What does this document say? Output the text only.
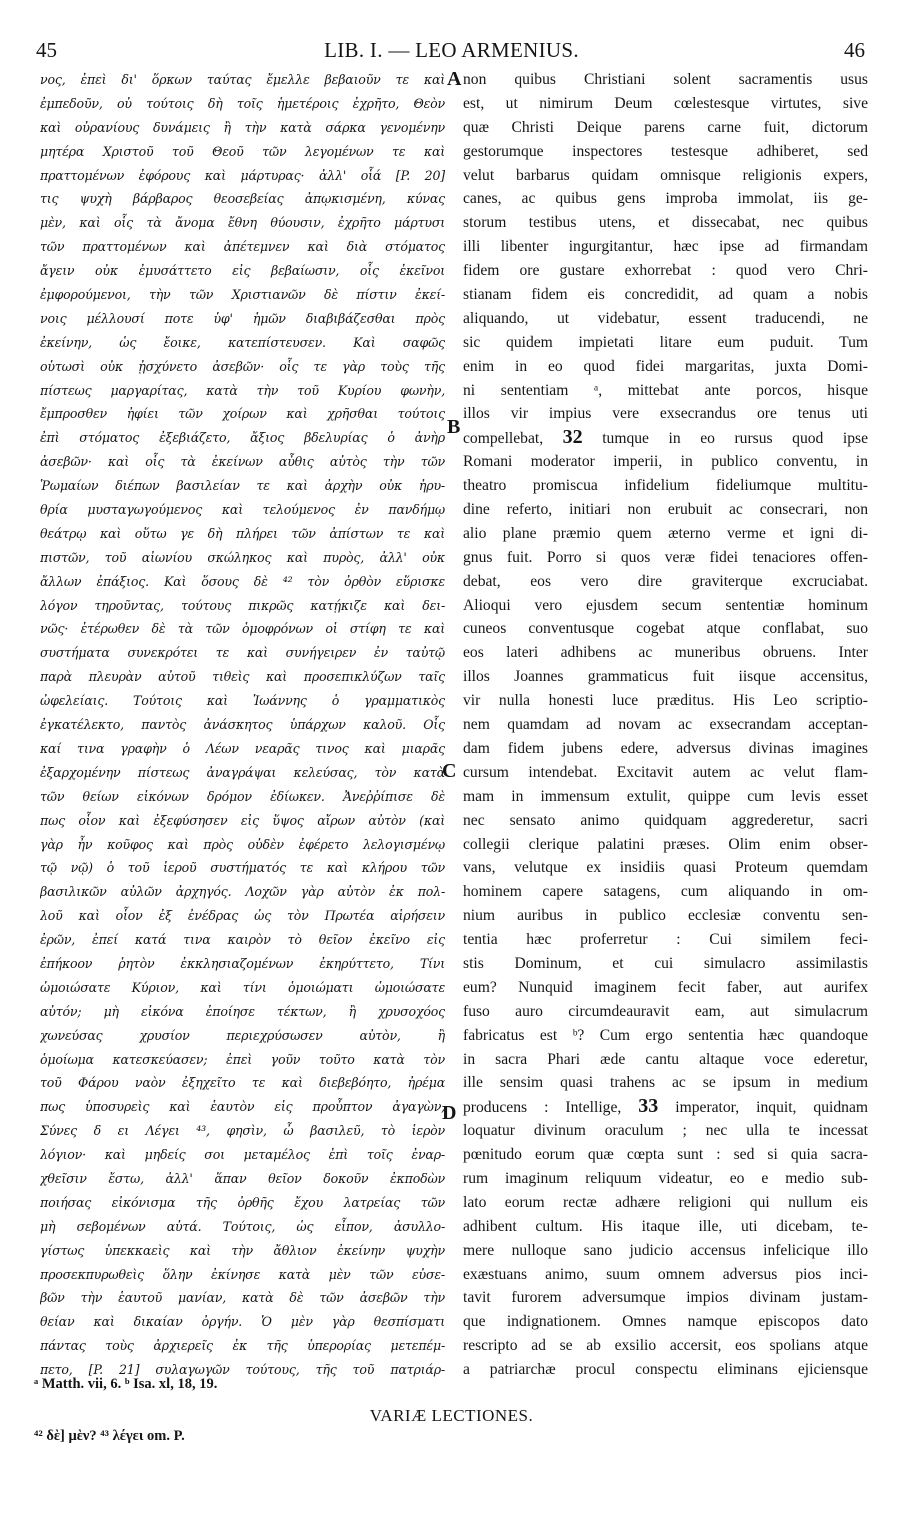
45	LIB. I. — LEO ARMENIUS.	46
νος, ἐπεὶ δι' ὅρκων ταύτας ἔμελλε βεβαιοῦν τε καὶ
ἐμπεδοῦν, οὐ τούτοις δὴ τοῖς ἡμετέροις ἐχρῆτο, Θεὸν
καὶ οὐρανίους δυνάμεις ἢ τὴν κατὰ σάρκα γενομένην
μητέρα Χριστοῦ τοῦ Θεοῦ τῶν λεγομένων τε καὶ
πραττομένων ἐφόρους καὶ μάρτυρας· ἀλλ' οἷά [P. 20]
τις ψυχὴ βάρβαρος θεοσεβείας ἀπῳκισμένη, κύνας
μὲν, καὶ οἷς τὰ ἄνομα ἔθνη θύουσιν, ἐχρῆτο μάρτυσι
τῶν πραττομένων καὶ ἀπέτεμνεν καὶ διὰ στόματος
ἄγειν οὐκ ἐμυσάττετο εἰς βεβαίωσιν, οἷς ἐκεῖνοι
ἐμφορούμενοι, τὴν τῶν Χριστιανῶν δὲ πίστιν ἐκεί-
νοις μέλλουσί ποτε ὑφ' ἡμῶν διαβιβάζεσθαι πρὸς
ἐκείνην, ὡς ἔοικε, κατεπίστευσεν. Καὶ σαφῶς
οὑτωσὶ οὐκ ᾐσχύνετο ἀσεβῶν· οἷς τε γὰρ τοὺς τῆς
πίστεως μαργαρίτας, κατὰ τὴν τοῦ Κυρίου φωνὴν,
ἔμπροσθεν ἠφίει τῶν χοίρων καὶ χρῆσθαι τούτοις
ἐπὶ στόματος ἐξεβιάζετο, ἄξιος βδελυρίας ὁ ἀνὴρ
ἀσεβῶν· καὶ οἷς τὰ ἐκείνων αὖθις αὐτὸς τὴν τῶν
Ῥωμαίων διέπων βασιλείαν τε καὶ ἀρχὴν οὐκ ἠρυ-
θρία μυσταγωγούμενος καὶ τελούμενος ἐν πανδήμῳ
θεάτρῳ καὶ οὕτω γε δὴ πλήρει τῶν ἀπίστων τε καὶ
πιστῶν, τοῦ αἰωνίου σκώληκος καὶ πυρὸς, ἀλλ' οὐκ
ἄλλων ἐπάξιος. Καὶ ὅσους δὲ ⁴² τὸν ὀρθὸν εὕρισκε
λόγον τηροῦντας, τούτους πικρῶς κατῄκιζε καὶ δει-
νῶς· ἑτέρωθεν δὲ τὰ τῶν ὁμοφρόνων οἱ στίφη τε καὶ
συστήματα συνεκρότει τε καὶ συνήγειρεν ἐν ταὐτῷ
παρὰ πλευρὰν αὐτοῦ τιθεὶς καὶ προσεπικλύζων ταῖς
ὠφελείαις. Τούτοις καὶ Ἰωάννης ὁ γραμματικὸς
ἐγκατέλεκτο, παντὸς ἀνάσκητος ὑπάρχων καλοῦ. Οἷς
καί τινα γραφὴν ὁ Λέων νεαρᾶς τινος καὶ μιαρᾶς
ἐξαρχομένην πίστεως ἀναγράψαι κελεύσας, τὸν κατὰ
τῶν θείων εἰκόνων δρόμον ἐδίωκεν. Ἀνεῤῥίπισε δὲ
πως οἷον καὶ ἐξεφύσησεν εἰς ὕψος αἴρων αὐτὸν (καὶ
γὰρ ἦν κοῦφος καὶ πρὸς οὐδὲν ἐφέρετο λελογισμένῳ
τῷ νῷ) ὁ τοῦ ἱεροῦ συστήματός τε καὶ κλήρου τῶν
βασιλικῶν αὐλῶν ἀρχηγός. Λοχῶν γὰρ αὐτὸν ἐκ πολ-
λοῦ καὶ οἷον ἐξ ἐνέδρας ὡς τὸν Πρωτέα αἱρήσειν
ἐρῶν, ἐπεί κατά τινα καιρὸν τὸ θεῖον ἐκεῖνο εἰς
ἐπήκοον ῥητὸν ἐκκλησιαζομένων ἐκηρύττετο, Τίνι
ὡμοιώσατε Κύριον, καὶ τίνι ὁμοιώματι ὡμοιώσατε
αὐτόν; μὴ εἰκόνα ἐποίησε τέκτων, ἢ χρυσοχόος
χωνεύσας χρυσίον περιεχρύσωσεν αὐτὸν, ἢ
ὁμοίωμα κατεσκεύασεν; ἐπεὶ γοῦν τοῦτο κατὰ τὸν
τοῦ Φάρου ναὸν ἐξηχεῖτο τε καὶ διεβεβόητο, ἠρέμα
πως ὑποσυρεὶς καὶ ἑαυτὸν εἰς προὖπτον ἀγαγὼν,
Σύνες δ ει Λέγει ⁴³, φησὶν, ὦ βασιλεῦ, τὸ ἱερὸν
λόγιον· καὶ μηδείς σοι μεταμέλος ἐπὶ τοῖς ἐναρ-
χθεῖσιν ἔστω, ἀλλ' ἅπαν θεῖον δοκοῦν ἐκποδὼν
ποιήσας εἰκόνισμα τῆς ὀρθῆς ἔχου λατρείας τῶν
μὴ σεβομένων αὐτά. Τούτοις, ὡς εἶπον, ἀσυλλο-
γίστως ὑπεκκαεὶς καὶ τὴν ἄθλιον ἐκείνην ψυχὴν
προσεκπυρωθεὶς ὅλην ἐκίνησε κατὰ μὲν τῶν εὐσε-
βῶν τὴν ἑαυτοῦ μανίαν, κατὰ δὲ τῶν ἀσεβῶν τὴν
θείαν καὶ δικαίαν ὀργήν. Ὁ μὲν γὰρ θεσπίσματι
πάντας τοὺς ἀρχιερεῖς ἐκ τῆς ὑπερορίας μετεπέμ-
πετο, [P. 21] συλαγωγῶν τούτους, τῆς τοῦ πατριάρ-
non quibus Christiani solent sacramentis usus
est, ut nimirum Deum cœlestesque virtutes, sive
quæ Christi Deique parens carne fuit, dictorum
gestorumque inspectores testesque adhiberet, sed
velut barbarus quidam omnisque religionis expers,
canes, ac quibus gens improba immolat, iis ge-
storum testibus utens, et dissecabat, nec quibus
illi libenter ingurgitantur, hæc ipse ad firmandam
fidem ore gustare exhorrebat : quod vero Chri-
stianam fidem eis concredidit, ad quam a nobis
aliquando, ut videbatur, essent traducendi, ne
sic quidem impietati litare eum puduit. Tum
enim in eo quod fidei margaritas, juxta Domi-
ni sententiam ᵃ, mittebat ante porcos, hisque
illos vir impius vere exsecrandus ore tenus uti
compellebat, 32 tumque in eo rursus quod ipse
Romani moderator imperii, in publico conventu, in
theatro promiscua infidelium fideliumque multitu-
dine referto, initiari non erubuit ac consecrari, non
alio plane præmio quem æterno verme et igni di-
gnus fuit. Porro si quos veræ fidei tenaciores offen-
debat, eos vero dire graviterque excruciabat.
Alioqui vero ejusdem secum sententiæ hominum
cuneos conventusque cogebat atque conflabat, suo
eos lateri adhibens ac muneribus obruens. Inter
illos Joannes grammaticus fuit iisque accensitus,
vir nulla honesti luce præditus. His Leo scriptio-
nem quamdam ad novam ac exsecrandam acceptan-
dam fidem jubens edere, adversus divinas imagines
cursum intendebat. Excitavit autem ac velut flam-
mam in immensum extulit, quippe cum levis esset
nec sensato animo quidquam aggrederetur, sacri
collegii clerique palatini præses. Olim enim obser-
vans, velutque ex insidiis quasi Proteum quemdam
hominem capere satagens, cum aliquando in om-
nium auribus in publico ecclesiæ conventu sen-
tentia hæc proferretur : Cui similem feci-
stis Dominum, et cui simulacro assimilastis
eum? Nunquid imaginem fecit faber, aut aurifex
fuso auro circumdeauravit eam, aut simulacrum
fabricatus est ᵇ? Cum ergo sententia hæc quandoque
in sacra Phari æde cantu altaque voce ederetur,
ille sensim quasi trahens ac se ipsum in medium
producens : Intellige, 33 imperator, inquit, quidnam
loquatur divinum oraculum ; nec ulla te incessat
pœnitudo eorum quæ cœpta sunt : sed si quia sacra-
rum imaginum reliquum videatur, eo e medio sub-
lato eorum rectæ adhære religioni qui nullum eis
adhibent cultum. His itaque ille, uti dicebam, te-
mere nulloque sano judicio accensus infelicique illo
exæstuans animo, suum omnem adversus pios inci-
tavit furorem adversumque impios divinam justam-
que indignationem. Omnes namque episcopos dato
rescripto ad se ab exsilio accersit, eos spolians atque
a patriarchæ procul conspectu eliminans ejiciensque
A
B
C
D
ᵃ Matth. vii, 6. ᵇ Isa. xl, 18, 19.
VARIÆ LECTIONES.
⁴² δὲ] μὲν? ⁴³ λέγει om. P.
